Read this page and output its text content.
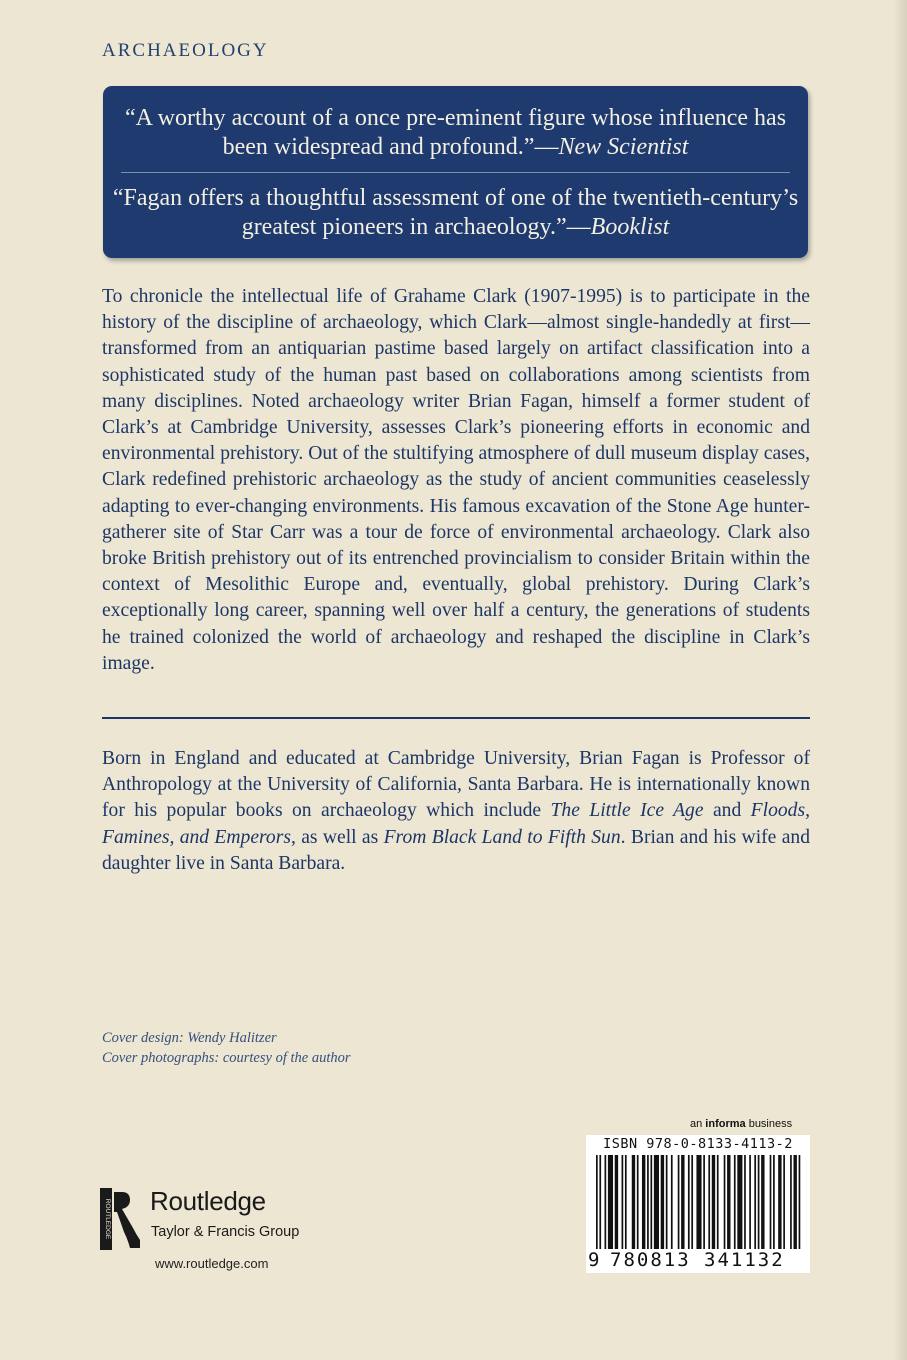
ARCHAEOLOGY
“A worthy account of a once pre-eminent figure whose influence has been widespread and profound.”—New Scientist
“Fagan offers a thoughtful assessment of one of the twentieth-century’s greatest pioneers in archaeology.”—Booklist
To chronicle the intellectual life of Grahame Clark (1907-1995) is to participate in the history of the discipline of archaeology, which Clark—almost single-handedly at first—transformed from an antiquarian pastime based largely on artifact classification into a sophisticated study of the human past based on collaborations among scientists from many disciplines. Noted archaeology writer Brian Fagan, himself a former student of Clark’s at Cambridge University, assesses Clark’s pioneering efforts in economic and environmental prehistory. Out of the stultifying atmosphere of dull museum display cases, Clark redefined prehistoric archaeology as the study of ancient communities ceaselessly adapting to ever-changing environments. His famous excavation of the Stone Age hunter-gatherer site of Star Carr was a tour de force of environmental archaeology. Clark also broke British prehistory out of its entrenched provincialism to consider Britain within the context of Mesolithic Europe and, eventually, global prehistory. During Clark’s exceptionally long career, spanning well over half a century, the generations of students he trained colonized the world of archaeology and reshaped the discipline in Clark’s image.
Born in England and educated at Cambridge University, Brian Fagan is Professor of Anthropology at the University of California, Santa Barbara. He is internationally known for his popular books on archaeology which include The Little Ice Age and Floods, Famines, and Emperors, as well as From Black Land to Fifth Sun. Brian and his wife and daughter live in Santa Barbara.
Cover design: Wendy Halitzer
Cover photographs: courtesy of the author
ROUTLEDGE Routledge
Taylor & Francis Group
www.routledge.com
an informa business
ISBN 978-0-8133-4113-2
9 780813 341132
